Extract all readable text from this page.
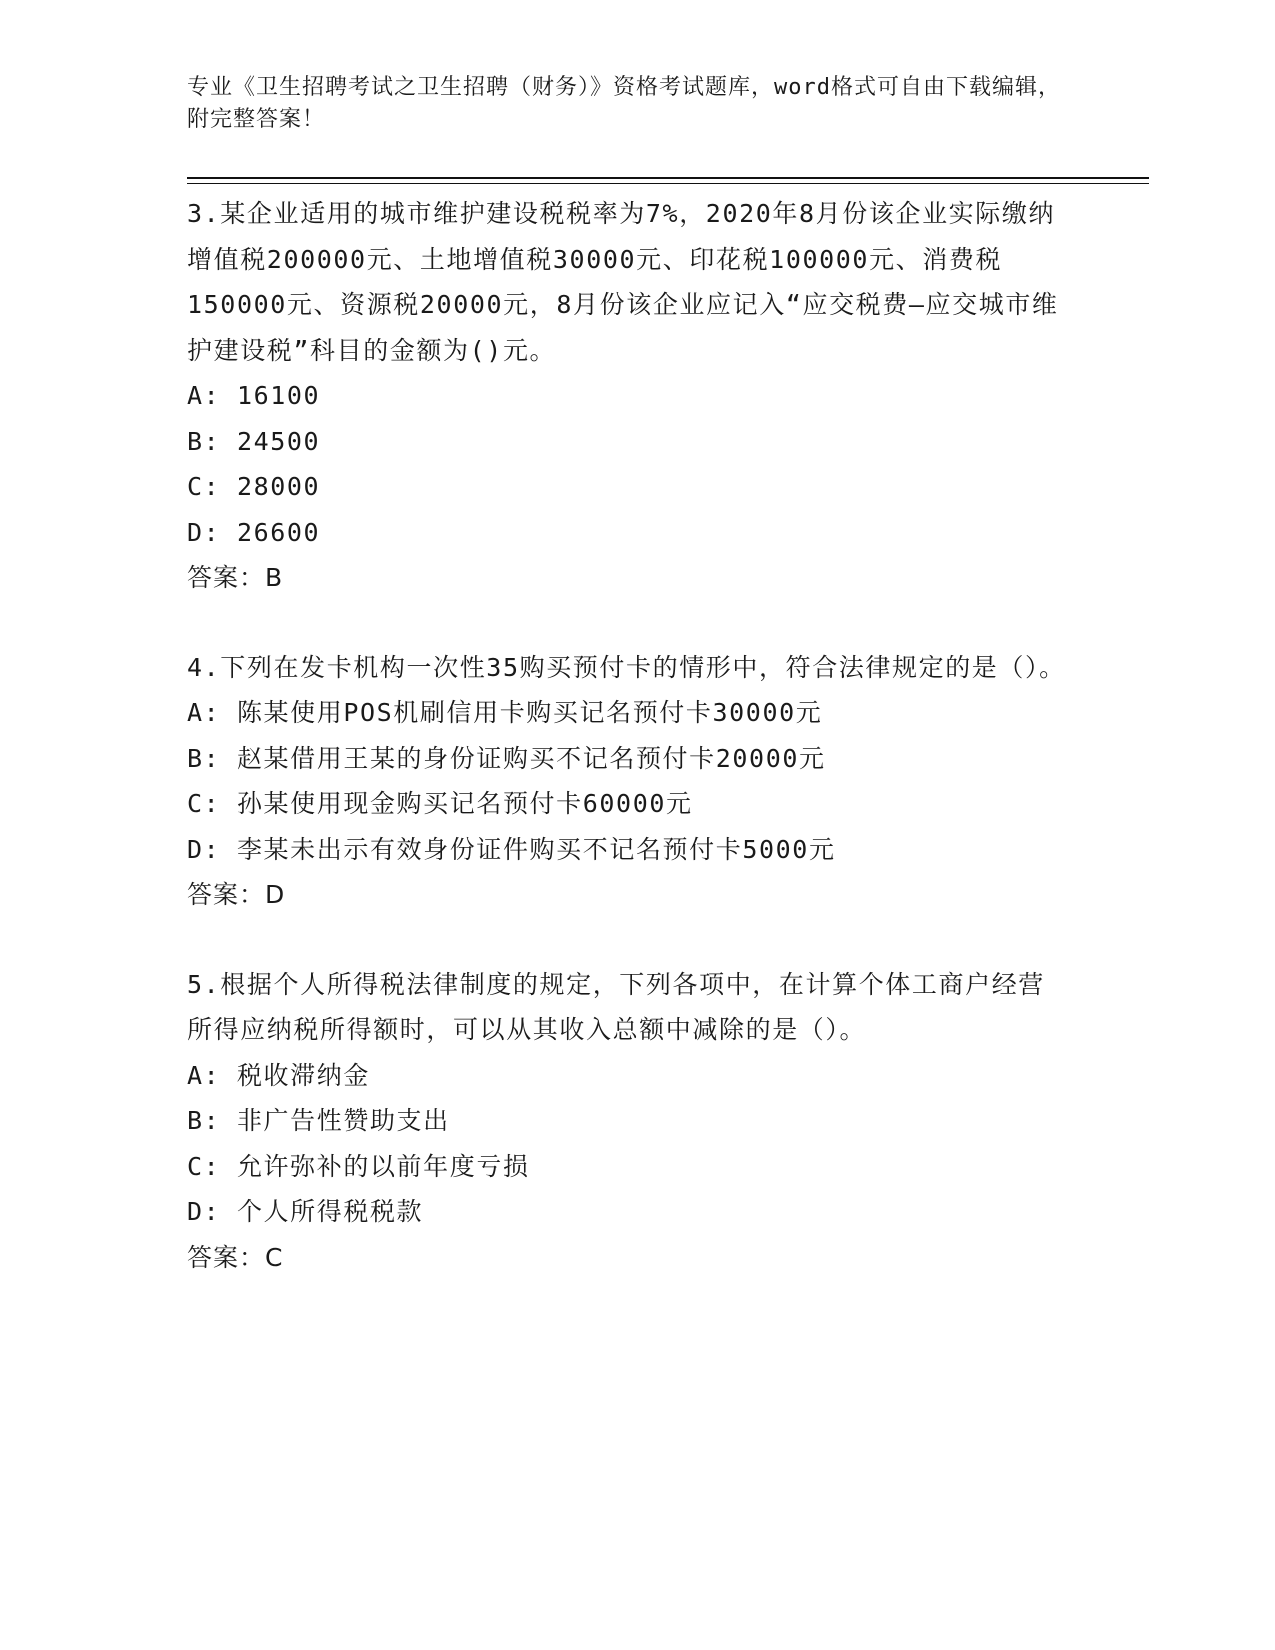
专业《卫生招聘考试之卫生招聘（财务）》资格考试题库，word格式可自由下载编辑，附完整答案！

3.某企业适用的城市维护建设税税率为7%，2020年8月份该企业实际缴纳增值税200000元、土地增值税30000元、印花税100000元、消费税150000元、资源税20000元，8月份该企业应记入“应交税费—应交城市维护建设税”科目的金额为()元。

A: 16100

B: 24500

C: 28000

D: 26600

答案：B

4.下列在发卡机构一次性35购买预付卡的情形中，符合法律规定的是（）。

A: 陈某使用POS机刷信用卡购买记名预付卡30000元

B: 赵某借用王某的身份证购买不记名预付卡20000元

C: 孙某使用现金购买记名预付卡60000元

D: 李某未出示有效身份证件购买不记名预付卡5000元

答案：D

5.根据个人所得税法律制度的规定，下列各项中，在计算个体工商户经营所得应纳税所得额时，可以从其收入总额中减除的是（）。

A: 税收滞纳金

B: 非广告性赞助支出

C: 允许弥补的以前年度亏损

D: 个人所得税税款

答案：C
